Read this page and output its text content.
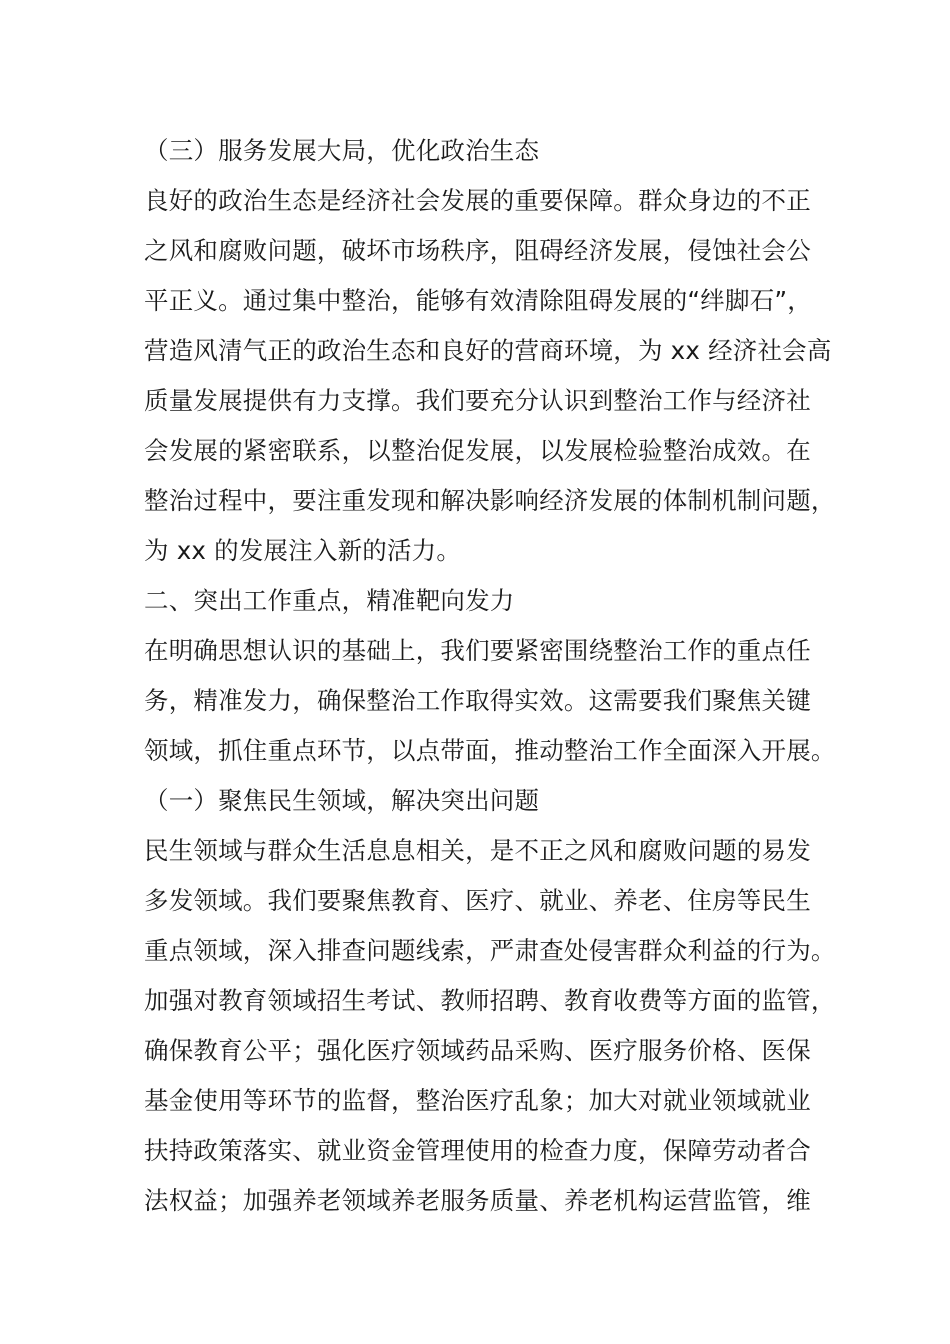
（三）服务发展大局，优化政治生态
良好的政治生态是经济社会发展的重要保障。群众身边的不正
之风和腐败问题，破坏市场秩序，阻碍经济发展，侵蚀社会公
平正义。通过集中整治，能够有效清除阻碍发展的“绊脚石”，
营造风清气正的政治生态和良好的营商环境，为 xx 经济社会高
质量发展提供有力支撑。我们要充分认识到整治工作与经济社
会发展的紧密联系，以整治促发展，以发展检验整治成效。在
整治过程中，要注重发现和解决影响经济发展的体制机制问题，
为 xx 的发展注入新的活力。
二、突出工作重点，精准靶向发力
在明确思想认识的基础上，我们要紧密围绕整治工作的重点任
务，精准发力，确保整治工作取得实效。这需要我们聚焦关键
领域，抓住重点环节，以点带面，推动整治工作全面深入开展。
（一）聚焦民生领域，解决突出问题
民生领域与群众生活息息相关，是不正之风和腐败问题的易发
多发领域。我们要聚焦教育、医疗、就业、养老、住房等民生
重点领域，深入排查问题线索，严肃查处侵害群众利益的行为。
加强对教育领域招生考试、教师招聘、教育收费等方面的监管，
确保教育公平；强化医疗领域药品采购、医疗服务价格、医保
基金使用等环节的监督，整治医疗乱象；加大对就业领域就业
扶持政策落实、就业资金管理使用的检查力度，保障劳动者合
法权益；加强养老领域养老服务质量、养老机构运营监管，维
